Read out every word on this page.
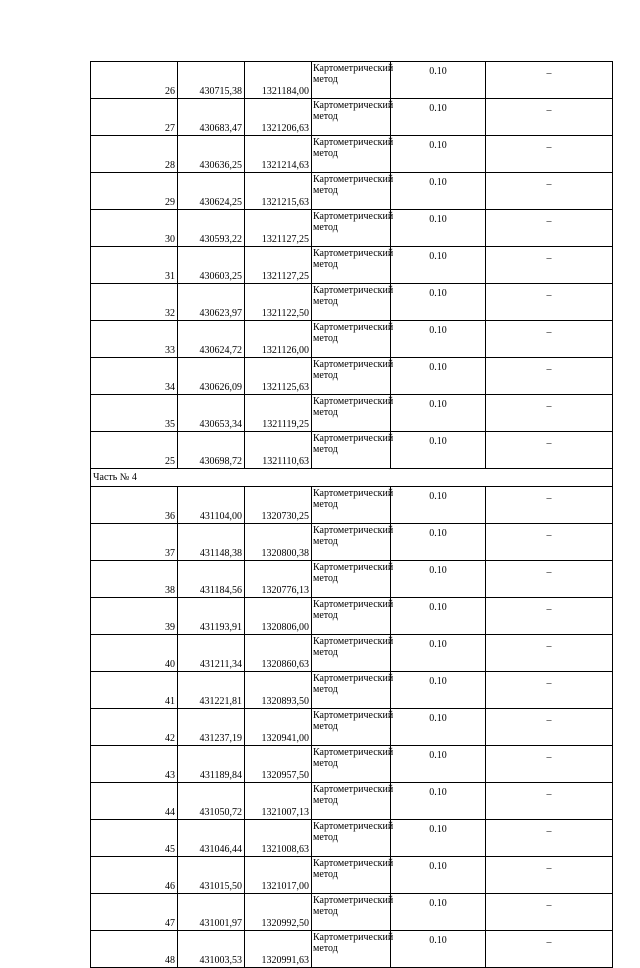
26	430715,38	1321184,00	Картометрический метод	0.10	–
27	430683,47	1321206,63	Картометрический метод	0.10	–
28	430636,25	1321214,63	Картометрический метод	0.10	–
29	430624,25	1321215,63	Картометрический метод	0.10	–
30	430593,22	1321127,25	Картометрический метод	0.10	–
31	430603,25	1321127,25	Картометрический метод	0.10	–
32	430623,97	1321122,50	Картометрический метод	0.10	–
33	430624,72	1321126,00	Картометрический метод	0.10	–
34	430626,09	1321125,63	Картометрический метод	0.10	–
35	430653,34	1321119,25	Картометрический метод	0.10	–
25	430698,72	1321110,63	Картометрический метод	0.10	–
Часть № 4					
36	431104,00	1320730,25	Картометрический метод	0.10	–
37	431148,38	1320800,38	Картометрический метод	0.10	–
38	431184,56	1320776,13	Картометрический метод	0.10	–
39	431193,91	1320806,00	Картометрический метод	0.10	–
40	431211,34	1320860,63	Картометрический метод	0.10	–
41	431221,81	1320893,50	Картометрический метод	0.10	–
42	431237,19	1320941,00	Картометрический метод	0.10	–
43	431189,84	1320957,50	Картометрический метод	0.10	–
44	431050,72	1321007,13	Картометрический метод	0.10	–
45	431046,44	1321008,63	Картометрический метод	0.10	–
46	431015,50	1321017,00	Картометрический метод	0.10	–
47	431001,97	1320992,50	Картометрический метод	0.10	–
48	431003,53	1320991,63	Картометрический метод	0.10	–
